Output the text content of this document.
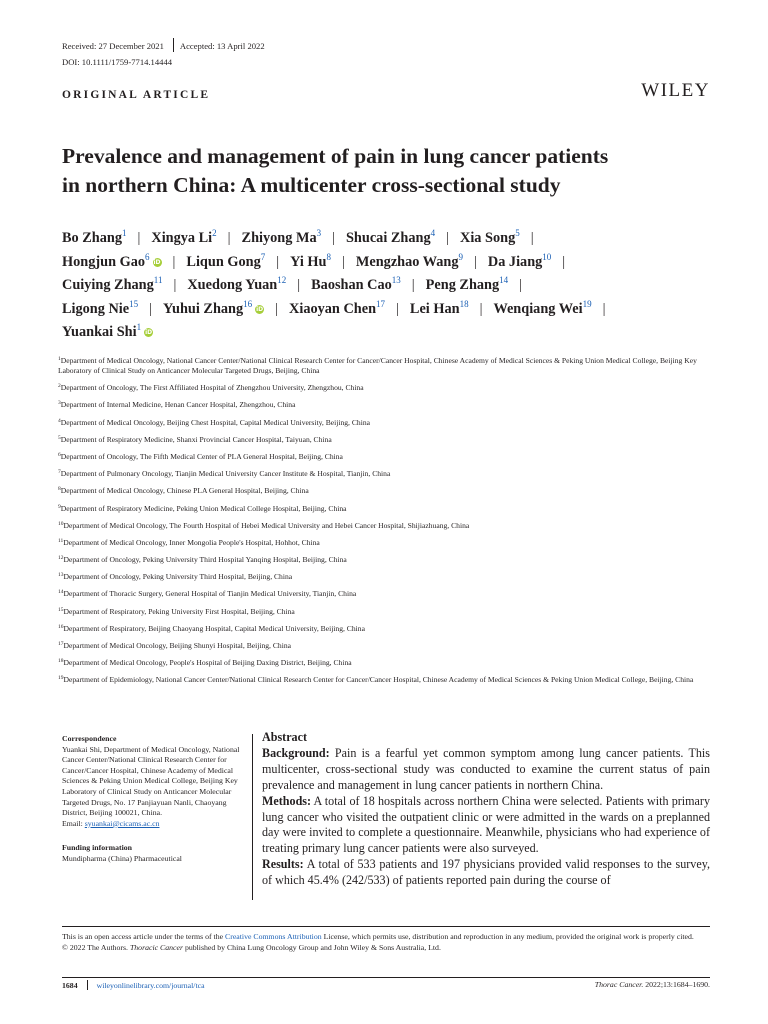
Received: 27 December 2021 Accepted: 13 April 2022
DOI: 10.1111/1759-7714.14444
ORIGINAL ARTICLE	WILEY
Prevalence and management of pain in lung cancer patients
in northern China: A multicenter cross-sectional study
Bo Zhang$^1$ | Xingya Li$^2$ | Zhiyong Ma$^3$ | Shucai Zhang$^4$ | Xia Song$^5$ |
Hongjun Gao$^6$iD | Liqun Gong$^7$ | Yi Hu$^8$ | Mengzhao Wang$^9$ | Da Jiang$^{10}$ |
Cuiying Zhang$^{11}$ | Xuedong Yuan$^{12}$ | Baoshan Cao$^{13}$ | Peng Zhang$^{14}$ |
Ligong Nie$^{15}$ | Yuhui Zhang$^{16}$iD | Xiaoyan Chen$^{17}$ | Lei Han$^{18}$ | Wenqiang Wei$^{19}$ |
Yuankai Shi$^1$iD
$^1$Department of Medical Oncology, National Cancer Center/National Clinical Research Center for Cancer/Cancer Hospital, Chinese Academy of Medical Sciences & Peking Union Medical College, Beijing Key Laboratory of Clinical Study on Anticancer Molecular Targeted Drugs, Beijing, China
$^2$Department of Oncology, The First Affiliated Hospital of Zhengzhou University, Zhengzhou, China
$^3$Department of Internal Medicine, Henan Cancer Hospital, Zhengzhou, China
$^4$Department of Medical Oncology, Beijing Chest Hospital, Capital Medical University, Beijing, China
$^5$Department of Respiratory Medicine, Shanxi Provincial Cancer Hospital, Taiyuan, China
$^6$Department of Oncology, The Fifth Medical Center of PLA General Hospital, Beijing, China
$^7$Department of Pulmonary Oncology, Tianjin Medical University Cancer Institute & Hospital, Tianjin, China
$^8$Department of Medical Oncology, Chinese PLA General Hospital, Beijing, China
$^9$Department of Respiratory Medicine, Peking Union Medical College Hospital, Beijing, China
$^{10}$Department of Medical Oncology, The Fourth Hospital of Hebei Medical University and Hebei Cancer Hospital, Shijiazhuang, China
$^{11}$Department of Medical Oncology, Inner Mongolia People's Hospital, Hohhot, China
$^{12}$Department of Oncology, Peking University Third Hospital Yanqing Hospital, Beijing, China
$^{13}$Department of Oncology, Peking University Third Hospital, Beijing, China
$^{14}$Department of Thoracic Surgery, General Hospital of Tianjin Medical University, Tianjin, China
$^{15}$Department of Respiratory, Peking University First Hospital, Beijing, China
$^{16}$Department of Respiratory, Beijing Chaoyang Hospital, Capital Medical University, Beijing, China
$^{17}$Department of Medical Oncology, Beijing Shunyi Hospital, Beijing, China
$^{18}$Department of Medical Oncology, People's Hospital of Beijing Daxing District, Beijing, China
$^{19}$Department of Epidemiology, National Cancer Center/National Clinical Research Center for Cancer/Cancer Hospital, Chinese Academy of Medical Sciences & Peking Union Medical College, Beijing, China
Correspondence
Yuankai Shi, Department of Medical Oncology, National Cancer Center/National Clinical Research Center for Cancer/Cancer Hospital, Chinese Academy of Medical Sciences & Peking Union Medical College, Beijing Key Laboratory of Clinical Study on Anticancer Molecular Targeted Drugs, No. 17 Panjiayuan Nanli, Chaoyang District, Beijing 100021, China.
Email: syuankai@cicams.ac.cn
Funding information
Mundipharma (China) Pharmaceutical
Abstract

Background: Pain is a fearful yet common symptom among lung cancer patients. This multicenter, cross-sectional study was conducted to examine the current status of pain prevalence and management in lung cancer patients in northern China.

Methods: A total of 18 hospitals across northern China were selected. Patients with primary lung cancer who visited the outpatient clinic or were admitted in the wards on a preplanned day were invited to complete a questionnaire. Meanwhile, physicians who had experience of treating primary lung cancer patients were also surveyed.

Results: A total of 533 patients and 197 physicians provided valid responses to the survey, of which 45.4% (242/533) of patients reported pain during the course of

This is an open access article under the terms of the Creative Commons Attribution License, which permits use, distribution and reproduction in any medium, provided the original work is properly cited.
© 2022 The Authors. Thoracic Cancer published by China Lung Oncology Group and John Wiley & Sons Australia, Ltd.
1684 wileyonlinelibrary.com/journal/tca	Thorac Cancer. 2022;13:1684–1690.
